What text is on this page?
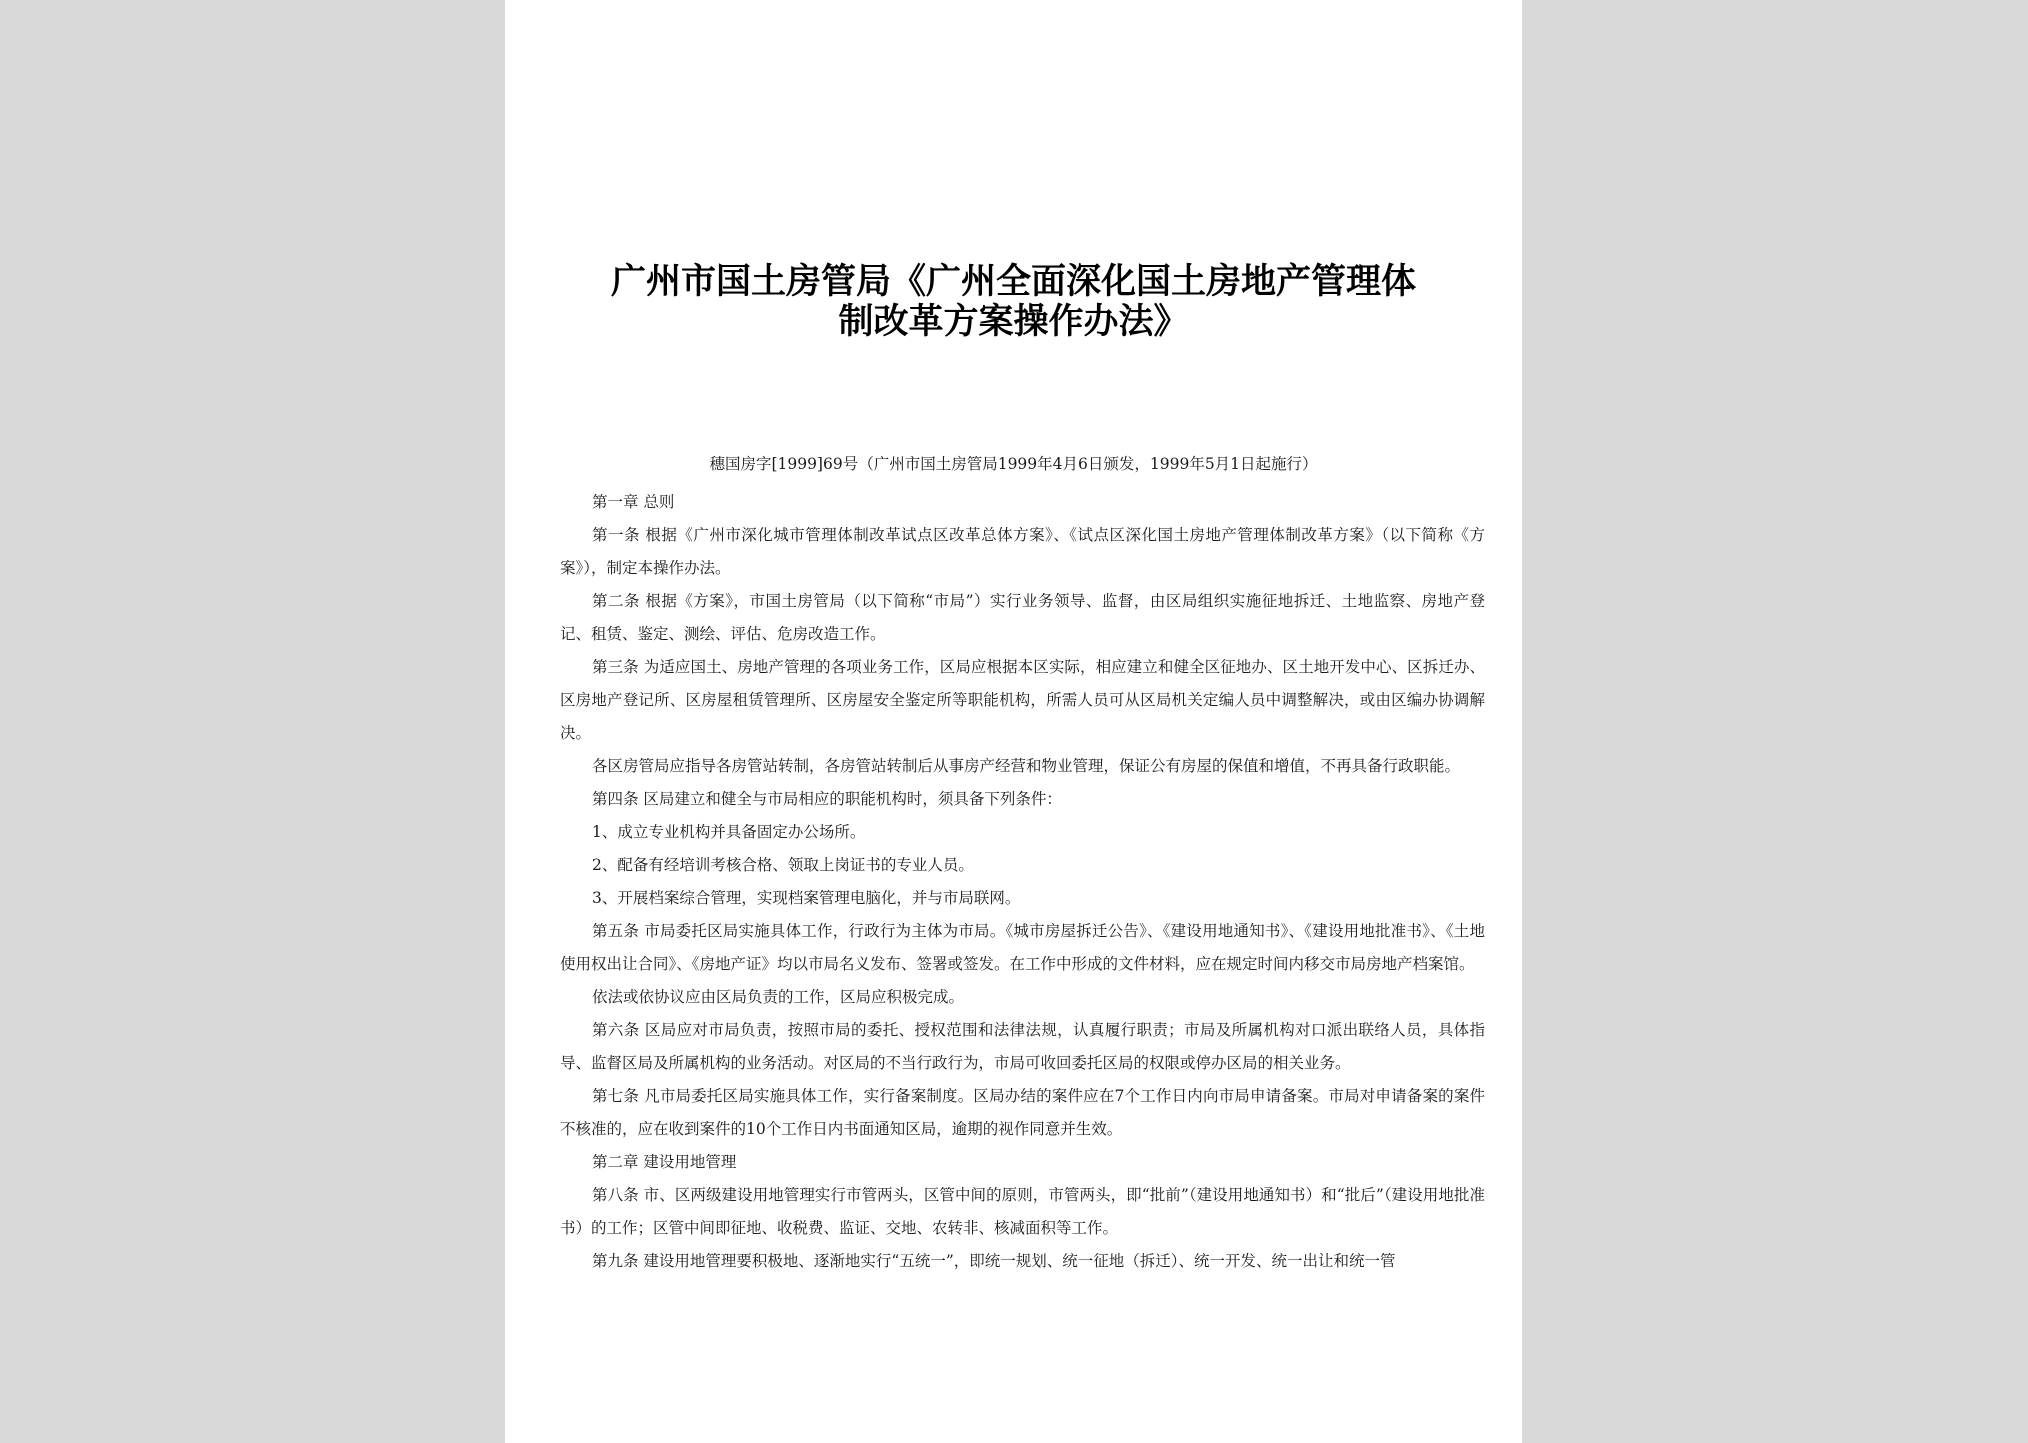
广州市国土房管局《广州全面深化国土房地产管理体
制改革方案操作办法》

穗国房字[1999]69号（广州市国土房管局1999年4月6日颁发，1999年5月1日起施行）

第一章 总则

第一条 根据《广州市深化城市管理体制改革试点区改革总体方案》、《试点区深化国土房地产管理体制改革方案》（以下简称《方案》），制定本操作办法。

第二条 根据《方案》，市国土房管局（以下简称“市局”）实行业务领导、监督，由区局组织实施征地拆迁、土地监察、房地产登记、租赁、鉴定、测绘、评估、危房改造工作。

第三条 为适应国土、房地产管理的各项业务工作，区局应根据本区实际，相应建立和健全区征地办、区土地开发中心、区拆迁办、区房地产登记所、区房屋租赁管理所、区房屋安全鉴定所等职能机构，所需人员可从区局机关定编人员中调整解决，或由区编办协调解决。

各区房管局应指导各房管站转制，各房管站转制后从事房产经营和物业管理，保证公有房屋的保值和增值，不再具备行政职能。

第四条 区局建立和健全与市局相应的职能机构时，须具备下列条件：

1、成立专业机构并具备固定办公场所。

2、配备有经培训考核合格、领取上岗证书的专业人员。

3、开展档案综合管理，实现档案管理电脑化，并与市局联网。

第五条 市局委托区局实施具体工作，行政行为主体为市局。《城市房屋拆迁公告》、《建设用地通知书》、《建设用地批准书》、《土地使用权出让合同》、《房地产证》均以市局名义发布、签署或签发。在工作中形成的文件材料，应在规定时间内移交市局房地产档案馆。

依法或依协议应由区局负责的工作，区局应积极完成。

第六条 区局应对市局负责，按照市局的委托、授权范围和法律法规，认真履行职责；市局及所属机构对口派出联络人员，具体指导、监督区局及所属机构的业务活动。对区局的不当行政行为，市局可收回委托区局的权限或停办区局的相关业务。

第七条 凡市局委托区局实施具体工作，实行备案制度。区局办结的案件应在7个工作日内向市局申请备案。市局对申请备案的案件不核准的，应在收到案件的10个工作日内书面通知区局，逾期的视作同意并生效。

第二章 建设用地管理

第八条 市、区两级建设用地管理实行市管两头，区管中间的原则，市管两头，即“批前”（建设用地通知书）和“批后”（建设用地批准书）的工作；区管中间即征地、收税费、监证、交地、农转非、核减面积等工作。

第九条 建设用地管理要积极地、逐渐地实行“五统一”，即统一规划、统一征地（拆迁）、统一开发、统一出让和统一管
